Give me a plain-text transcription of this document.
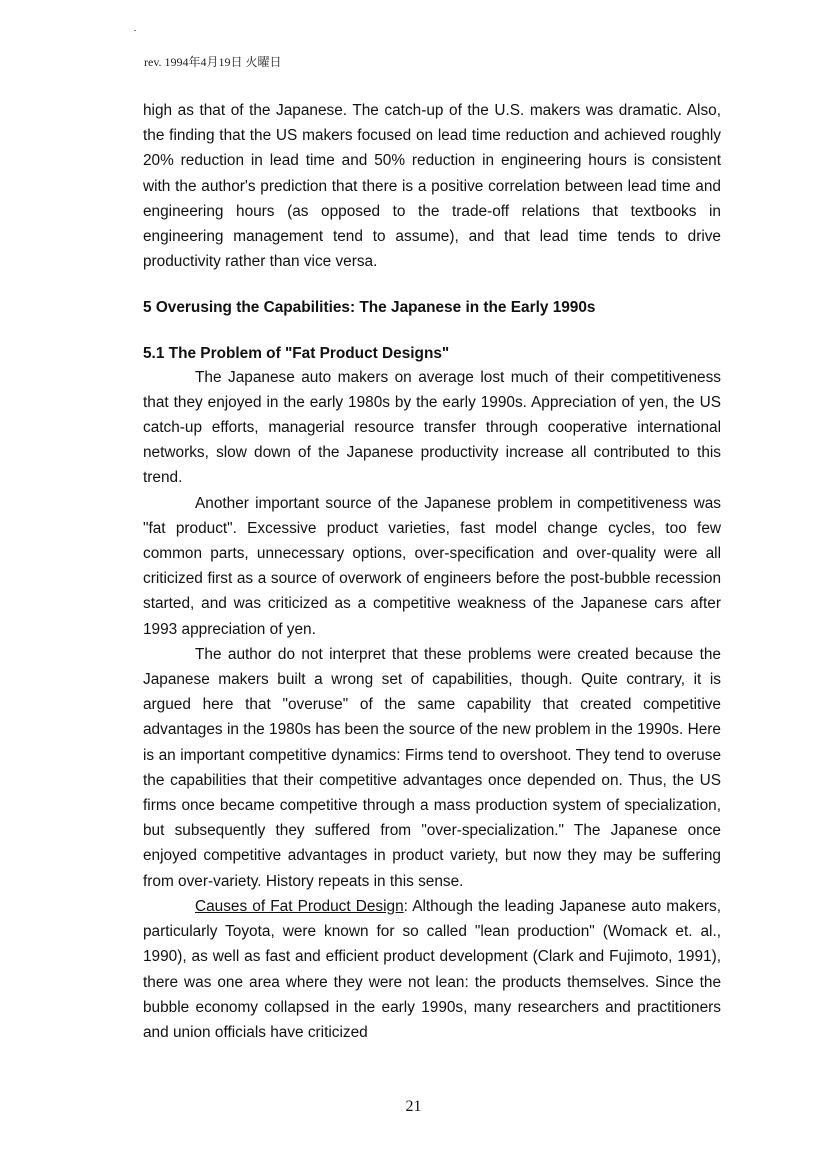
rev. 1994年4月19日 火曜日

high as that of the Japanese. The catch-up of the U.S. makers was dramatic. Also, the finding that the US makers focused on lead time reduction and achieved roughly 20% reduction in lead time and 50% reduction in engineering hours is consistent with the author's prediction that there is a positive correlation between lead time and engineering hours (as opposed to the trade-off relations that textbooks in engineering management tend to assume), and that lead time tends to drive productivity rather than vice versa.

5 Overusing the Capabilities: The Japanese in the Early 1990s
5.1 The Problem of "Fat Product Designs"

The Japanese auto makers on average lost much of their competitiveness that they enjoyed in the early 1980s by the early 1990s. Appreciation of yen, the US catch-up efforts, managerial resource transfer through cooperative international networks, slow down of the Japanese productivity increase all contributed to this trend.

Another important source of the Japanese problem in competitiveness was "fat product". Excessive product varieties, fast model change cycles, too few common parts, unnecessary options, over-specification and over-quality were all criticized first as a source of overwork of engineers before the post-bubble recession started, and was criticized as a competitive weakness of the Japanese cars after 1993 appreciation of yen.

The author do not interpret that these problems were created because the Japanese makers built a wrong set of capabilities, though. Quite contrary, it is argued here that "overuse" of the same capability that created competitive advantages in the 1980s has been the source of the new problem in the 1990s. Here is an important competitive dynamics: Firms tend to overshoot. They tend to overuse the capabilities that their competitive advantages once depended on. Thus, the US firms once became competitive through a mass production system of specialization, but subsequently they suffered from "over-specialization." The Japanese once enjoyed competitive advantages in product variety, but now they may be suffering from over-variety. History repeats in this sense.

Causes of Fat Product Design: Although the leading Japanese auto makers, particularly Toyota, were known for so called "lean production" (Womack et. al., 1990), as well as fast and efficient product development (Clark and Fujimoto, 1991), there was one area where they were not lean: the products themselves. Since the bubble economy collapsed in the early 1990s, many researchers and practitioners and union officials have criticized

21
